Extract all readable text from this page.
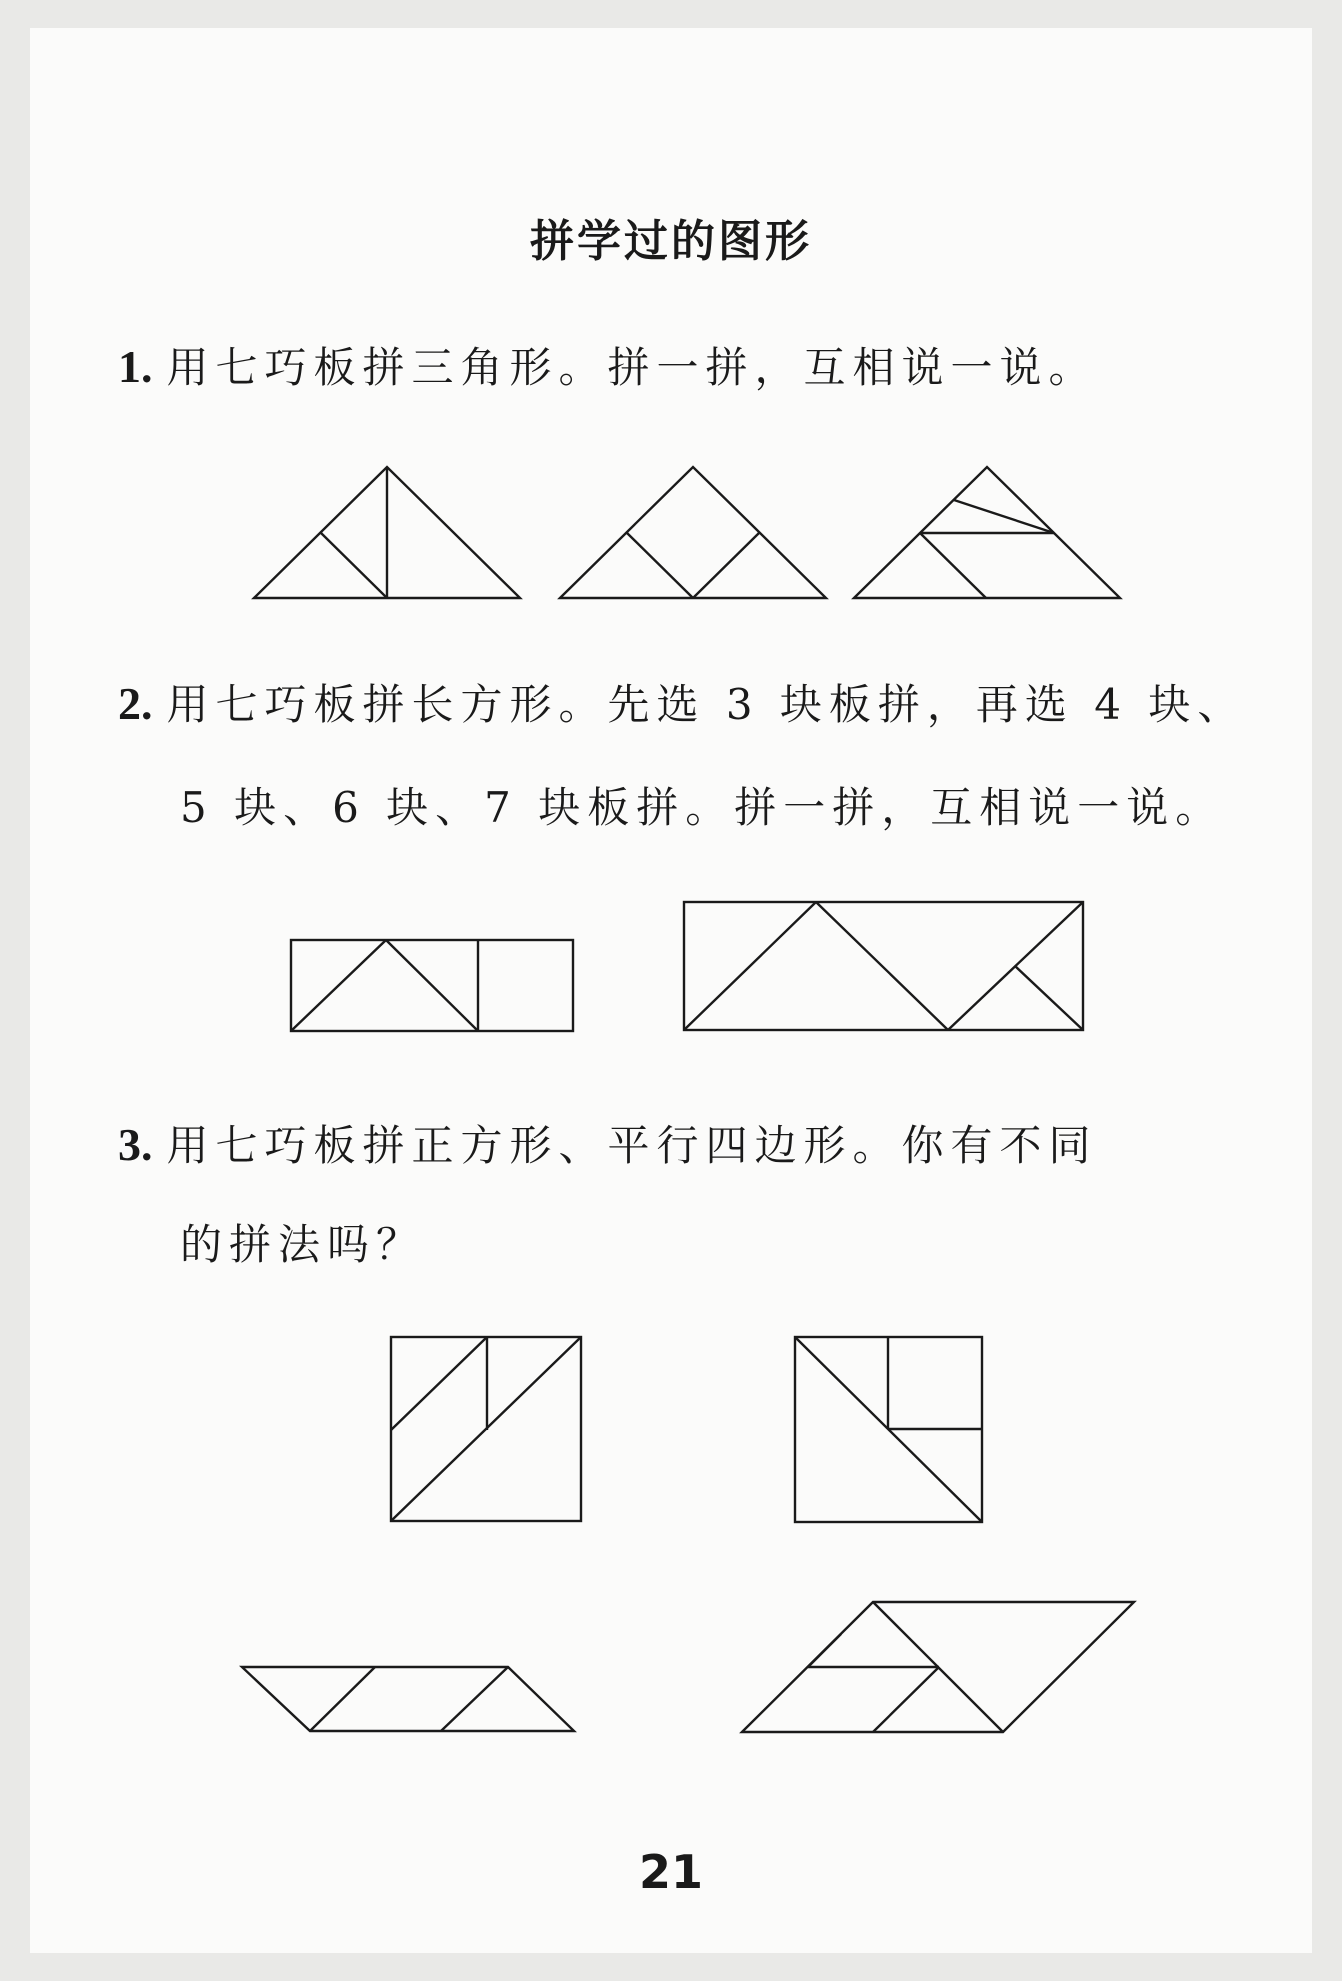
拼学过的图形
1. 用七巧板拼三角形。拼一拼，互相说一说。
2. 用七巧板拼长方形。先选 3 块板拼，再选 4 块、
5 块、6 块、7 块板拼。拼一拼，互相说一说。
3. 用七巧板拼正方形、平行四边形。你有不同
的拼法吗？
21
